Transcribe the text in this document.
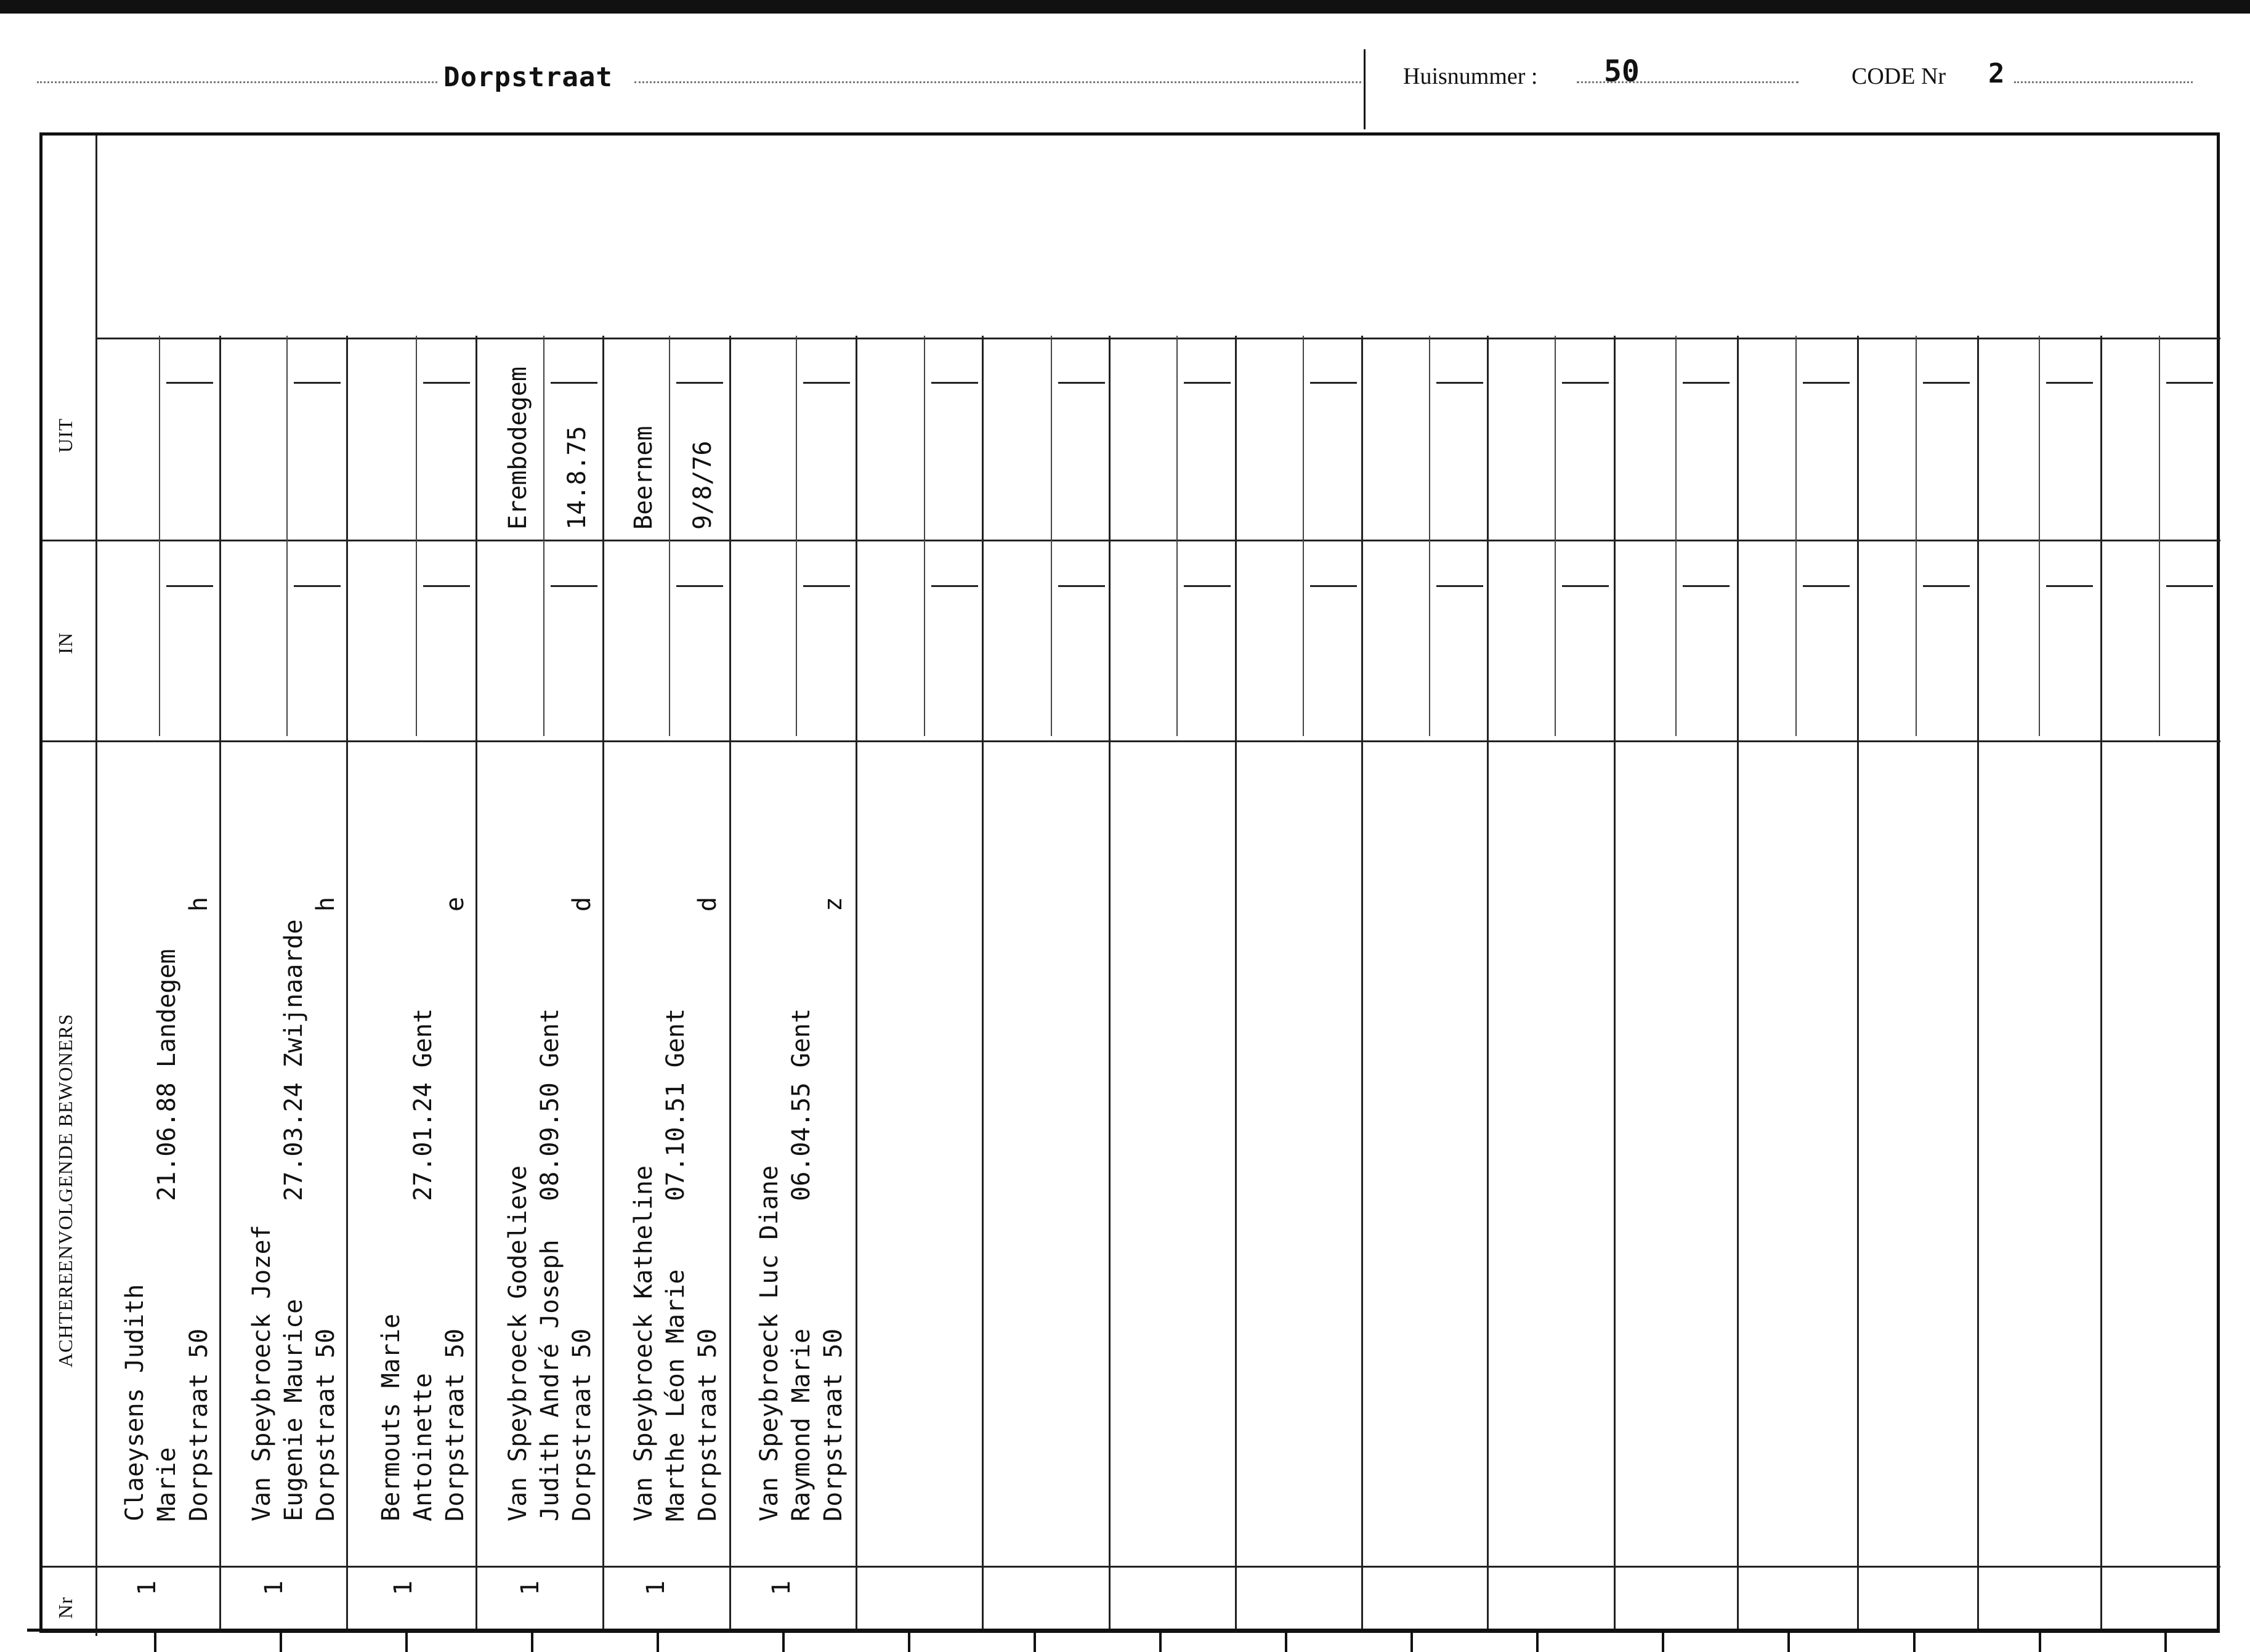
Dorpstraat	Huisnummer : 50	CODE Nr 2
ACHTEREENVOLGENDE BEWONERS
IN
UIT
Nr
Claeysens Judith Marie Dorpstraat 50
21.06.88 Landegem
h
1
Van Speybroeck Jozef Eugenie Maurice Dorpstraat 50
27.03.24 Zwijnaarde
h
1
Bermouts Marie Antoinette Dorpstraat 50
27.01.24 Gent
e
1
Van Speybroeck Godelieve Judith André Joseph Dorpstraat 50
08.09.50 Gent
d
1
Erembodegem 14.8.75
Van Speybroeck Katheline Marthe Léon Marie Dorpstraat 50
07.10.51 Gent
d
1
Beernem 9/8/76
Van Speybroeck Luc Diane Raymond Marie Dorpstraat 50
06.04.55 Gent
z
1
